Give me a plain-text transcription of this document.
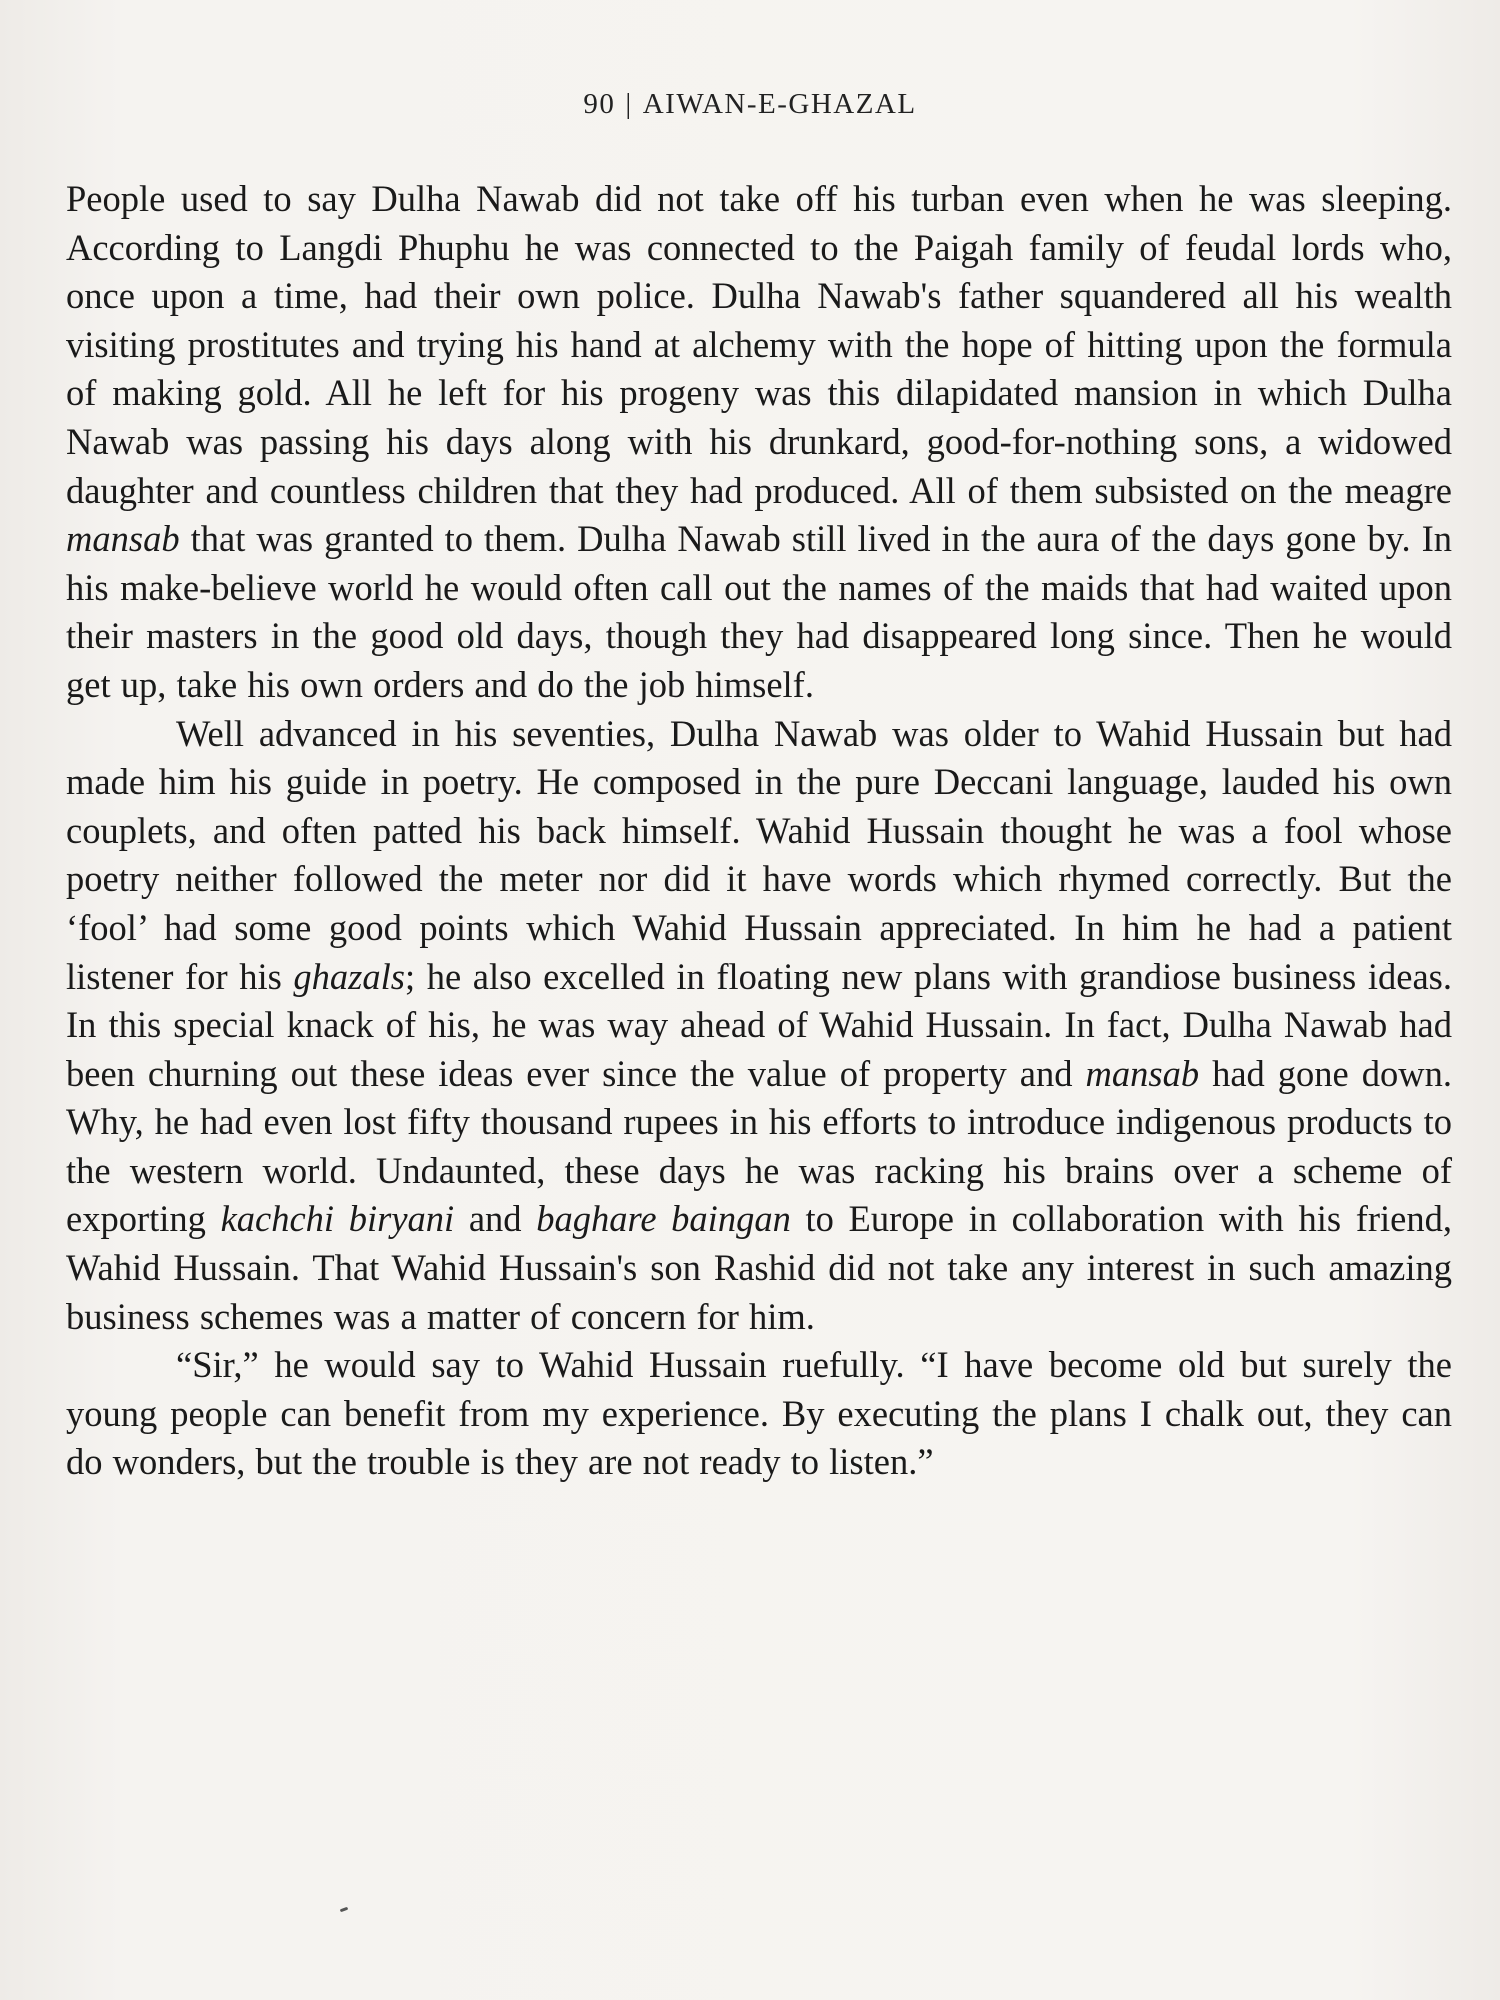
90 | AIWAN-E-GHAZAL

People used to say Dulha Nawab did not take off his turban even when he was sleeping. According to Langdi Phuphu he was connected to the Paigah family of feudal lords who, once upon a time, had their own police. Dulha Nawab's father squandered all his wealth visiting prostitutes and trying his hand at alchemy with the hope of hitting upon the formula of making gold. All he left for his progeny was this dilapidated mansion in which Dulha Nawab was passing his days along with his drunkard, good-for-nothing sons, a widowed daughter and countless children that they had produced. All of them subsisted on the meagre mansab that was granted to them. Dulha Nawab still lived in the aura of the days gone by. In his make-believe world he would often call out the names of the maids that had waited upon their masters in the good old days, though they had disappeared long since. Then he would get up, take his own orders and do the job himself.

Well advanced in his seventies, Dulha Nawab was older to Wahid Hussain but had made him his guide in poetry. He composed in the pure Deccani language, lauded his own couplets, and often patted his back himself. Wahid Hussain thought he was a fool whose poetry neither followed the meter nor did it have words which rhymed correctly. But the ‘fool’ had some good points which Wahid Hussain appreciated. In him he had a patient listener for his ghazals; he also excelled in floating new plans with grandiose business ideas. In this special knack of his, he was way ahead of Wahid Hussain. In fact, Dulha Nawab had been churning out these ideas ever since the value of property and mansab had gone down. Why, he had even lost fifty thousand rupees in his efforts to introduce indigenous products to the western world. Undaunted, these days he was racking his brains over a scheme of exporting kachchi biryani and baghare baingan to Europe in collaboration with his friend, Wahid Hussain. That Wahid Hussain's son Rashid did not take any interest in such amazing business schemes was a matter of concern for him.

“Sir,” he would say to Wahid Hussain ruefully. “I have become old but surely the young people can benefit from my experience. By executing the plans I chalk out, they can do wonders, but the trouble is they are not ready to listen.”
